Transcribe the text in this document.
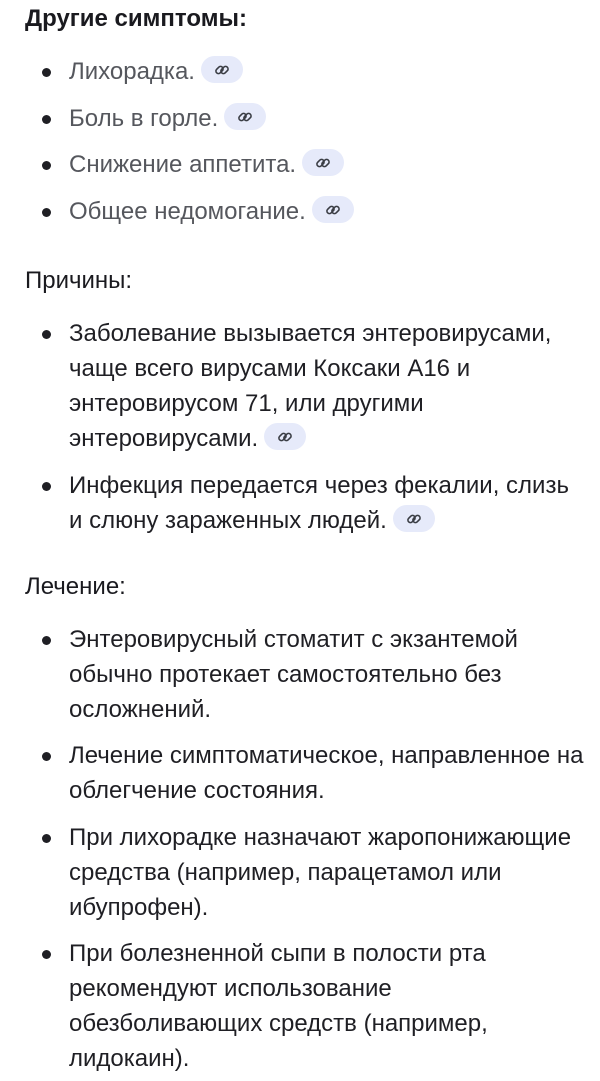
Другие симптомы:

Лихорадка.

Боль в горле.

Снижение аппетита.

Общее недомогание.

Причины:

Заболевание вызывается энтеровирусами, чаще всего вирусами Коксаки А16 и энтеровирусом 71, или другими энтеровирусами.

Инфекция передается через фекалии, слизь и слюну зараженных людей.

Лечение:

Энтеровирусный стоматит с экзантемой обычно протекает самостоятельно без осложнений.

Лечение симптоматическое, направленное на облегчение состояния.

При лихорадке назначают жаропонижающие средства (например, парацетамол или ибупрофен).

При болезненной сыпи в полости рта рекомендуют использование обезболивающих средств (например, лидокаин).
